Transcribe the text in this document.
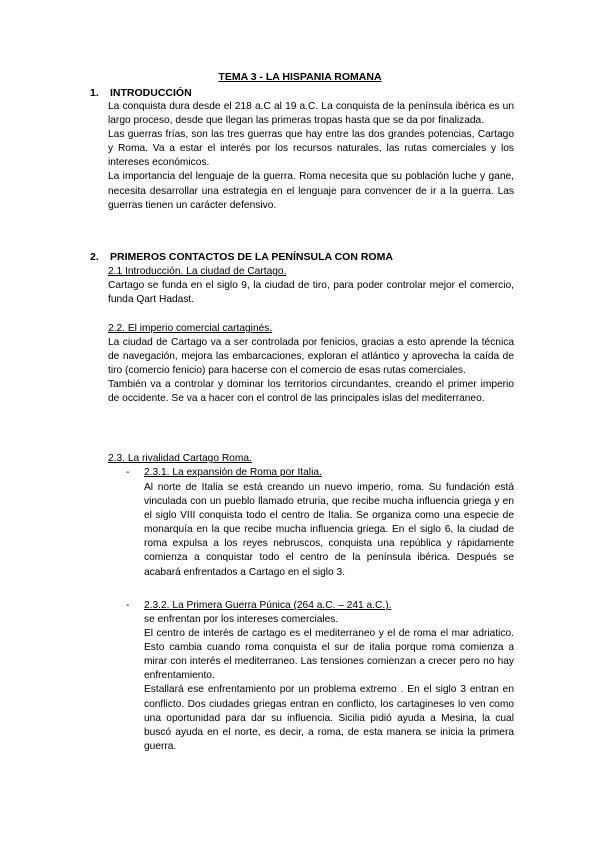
TEMA 3 - LA HISPANIA ROMANA
1. INTRODUCCIÓN

La conquista dura desde el 218 a.C al 19 a.C. La conquista de la península ibérica es un largo proceso, desde que llegan las primeras tropas hasta que se da por finalizada.

Las guerras frías, son las tres guerras que hay entre las dos grandes potencias, Cartago y Roma. Va a estar el interés por los recursos naturales, las rutas comerciales y los intereses económicos.

La importancia del lenguaje de la guerra. Roma necesita que su población luche y gane, necesita desarrollar una estrategia en el lenguaje para convencer de ir a la guerra. Las guerras tienen un carácter defensivo.

2. PRIMEROS CONTACTOS DE LA PENÍNSULA CON ROMA
2.1 Introducción. La ciudad de Cartago.

Cartago se funda en el siglo 9, la ciudad de tiro, para poder controlar mejor el comercio, funda Qart Hadast.

2.2. El imperio comercial cartaginés.

La ciudad de Cartago va a ser controlada por fenicios, gracias a esto aprende la técnica de navegación, mejora las embarcaciones, exploran el atlántico y aprovecha la caída de tiro (comercio fenicio) para hacerse con el comercio de esas rutas comerciales.

También va a controlar y dominar los territorios circundantes, creando el primer imperio de occidente. Se va a hacer con el control de las principales islas del mediterraneo.

2.3. La rivalidad Cartago Roma.
- 2.3.1. La expansión de Roma por Italia.

Al norte de Italia se está creando un nuevo imperio, roma. Su fundación está vinculada con un pueblo llamado etruria, que recibe mucha influencia griega y en el siglo VIII conquista todo el centro de Italia. Se organiza como una especie de monarquía en la que recibe mucha influencia griega. En el siglo 6, la ciudad de roma expulsa a los reyes nebruscos, conquista una república y rápidamente comienza a conquistar todo el centro de la península ibérica. Después se acabará enfrentados a Cartago en el siglo 3.

- 2.3.2. La Primera Guerra Púnica (264 a.C. – 241 a.C.).

se enfrentan por los intereses comerciales.

El centro de interés de cartago es el mediterraneo y el de roma el mar adriatico. Esto cambia cuando roma conquista el sur de italia porque roma comienza a mirar con interés el mediterraneo. Las tensiones comienzan a crecer pero no hay enfrentamiento.

Estallará ese enfrentamiento por un problema extremo . En el siglo 3 entran en conflicto. Dos ciudades griegas entran en conflicto, los cartagineses lo ven como una oportunidad para dar su influencia. Sicilia pidió ayuda a Mesina, la cual buscó ayuda en el norte, es decir, a roma, de esta manera se inicia la primera guerra.
